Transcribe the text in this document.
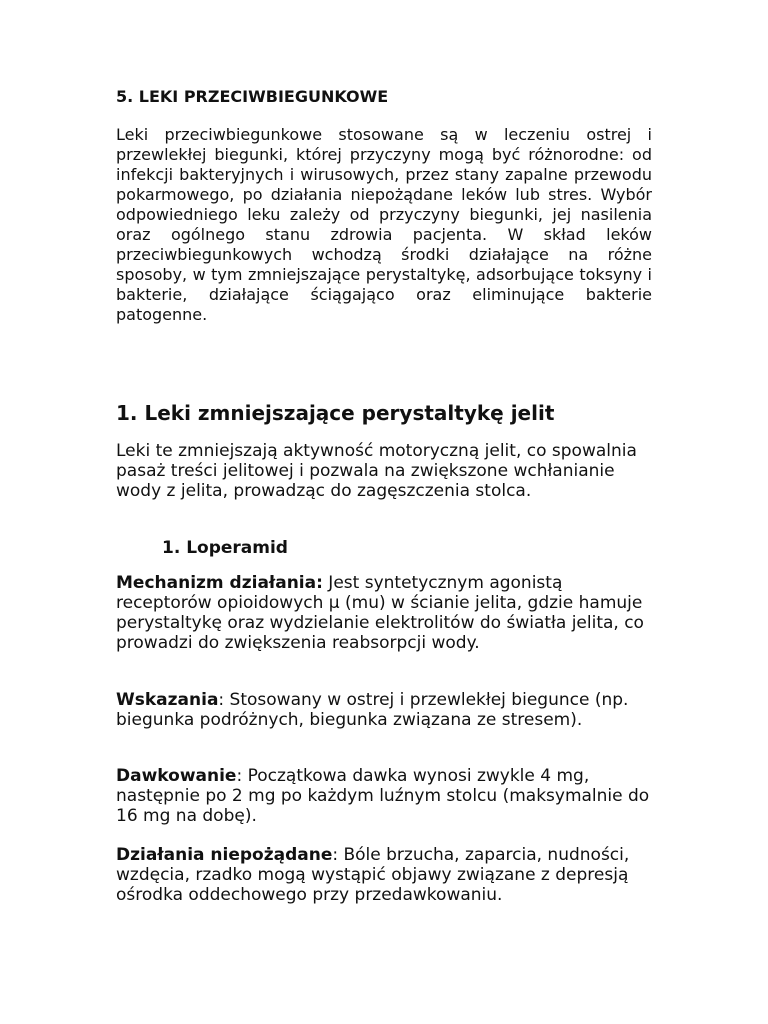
5. LEKI PRZECIWBIEGUNKOWE

Leki przeciwbiegunkowe stosowane są w leczeniu ostrej i przewlekłej biegunki, której przyczyny mogą być różnorodne: od infekcji bakteryjnych i wirusowych, przez stany zapalne przewodu pokarmowego, po działania niepożądane leków lub stres. Wybór odpowiedniego leku zależy od przyczyny biegunki, jej nasilenia oraz ogólnego stanu zdrowia pacjenta. W skład leków przeciwbiegunkowych wchodzą środki działające na różne sposoby, w tym zmniejszające perystaltykę, adsorbujące toksyny i bakterie, działające ściągająco oraz eliminujące bakterie patogenne.

1. Leki zmniejszające perystaltykę jelit

Leki te zmniejszają aktywność motoryczną jelit, co spowalnia pasaż treści jelitowej i pozwala na zwiększone wchłanianie wody z jelita, prowadząc do zagęszczenia stolca.

1. Loperamid

Mechanizm działania: Jest syntetycznym agonistą receptorów opioidowych µ (mu) w ścianie jelita, gdzie hamuje perystaltykę oraz wydzielanie elektrolitów do światła jelita, co prowadzi do zwiększenia reabsorpcji wody.

Wskazania: Stosowany w ostrej i przewlekłej biegunce (np. biegunka podróżnych, biegunka związana ze stresem).

Dawkowanie: Początkowa dawka wynosi zwykle 4 mg, następnie po 2 mg po każdym luźnym stolcu (maksymalnie do 16 mg na dobę).

Działania niepożądane: Bóle brzucha, zaparcia, nudności, wzdęcia, rzadko mogą wystąpić objawy związane z depresją ośrodka oddechowego przy przedawkowaniu.
